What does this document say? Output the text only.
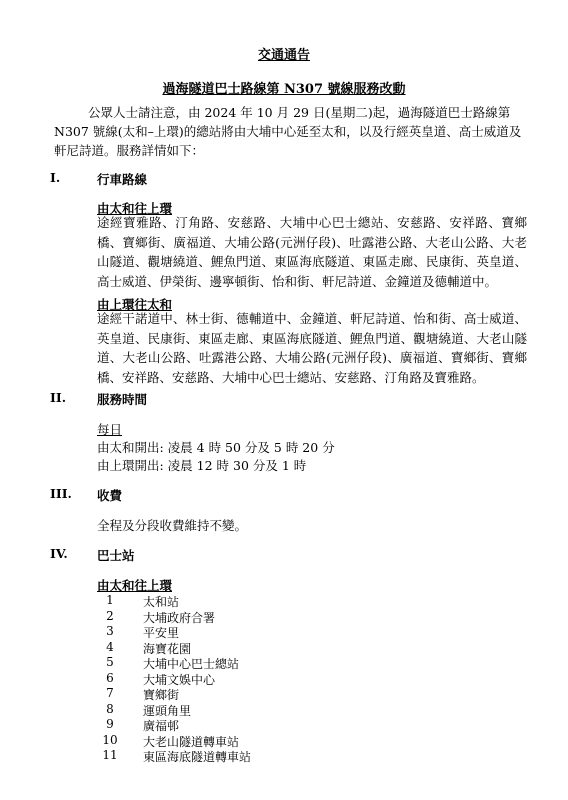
交通通告
過海隧道巴士路線第 N307 號線服務改動
公眾人士請注意，由 2024 年 10 月 29 日(星期二)起，過海隧道巴士路線第 N307 號線(太和–上環)的總站將由大埔中心延至太和，以及行經英皇道、高士威道及軒尼詩道。服務詳情如下：
I.	行車路線
由太和往上環
途經寶雅路、汀角路、安慈路、大埔中心巴士總站、安慈路、安祥路、寶鄉橋、寶鄉街、廣福道、大埔公路(元洲仔段)、吐露港公路、大老山公路、大老山隧道、觀塘繞道、鯉魚門道、東區海底隧道、東區走廊、民康街、英皇道、高士威道、伊榮街、邊寧頓街、怡和街、軒尼詩道、金鐘道及德輔道中。
由上環往太和
途經干諾道中、林士街、德輔道中、金鐘道、軒尼詩道、怡和街、高士威道、英皇道、民康街、東區走廊、東區海底隧道、鯉魚門道、觀塘繞道、大老山隧道、大老山公路、吐露港公路、大埔公路(元洲仔段)、廣福道、寶鄉街、寶鄉橋、安祥路、安慈路、大埔中心巴士總站、安慈路、汀角路及寶雅路。
II. 服務時間
每日
由太和開出: 凌晨 4 時 50 分及 5 時 20 分
由上環開出: 凌晨 12 時 30 分及 1 時
III. 收費
全程及分段收費維持不變。
IV. 巴士站
由太和往上環
1	太和站
2	大埔政府合署
3	平安里
4	海寶花園
5	大埔中心巴士總站
6	大埔文娛中心
7	寶鄉街
8	運頭角里
9	廣福邨
10	大老山隧道轉車站
11	東區海底隧道轉車站
